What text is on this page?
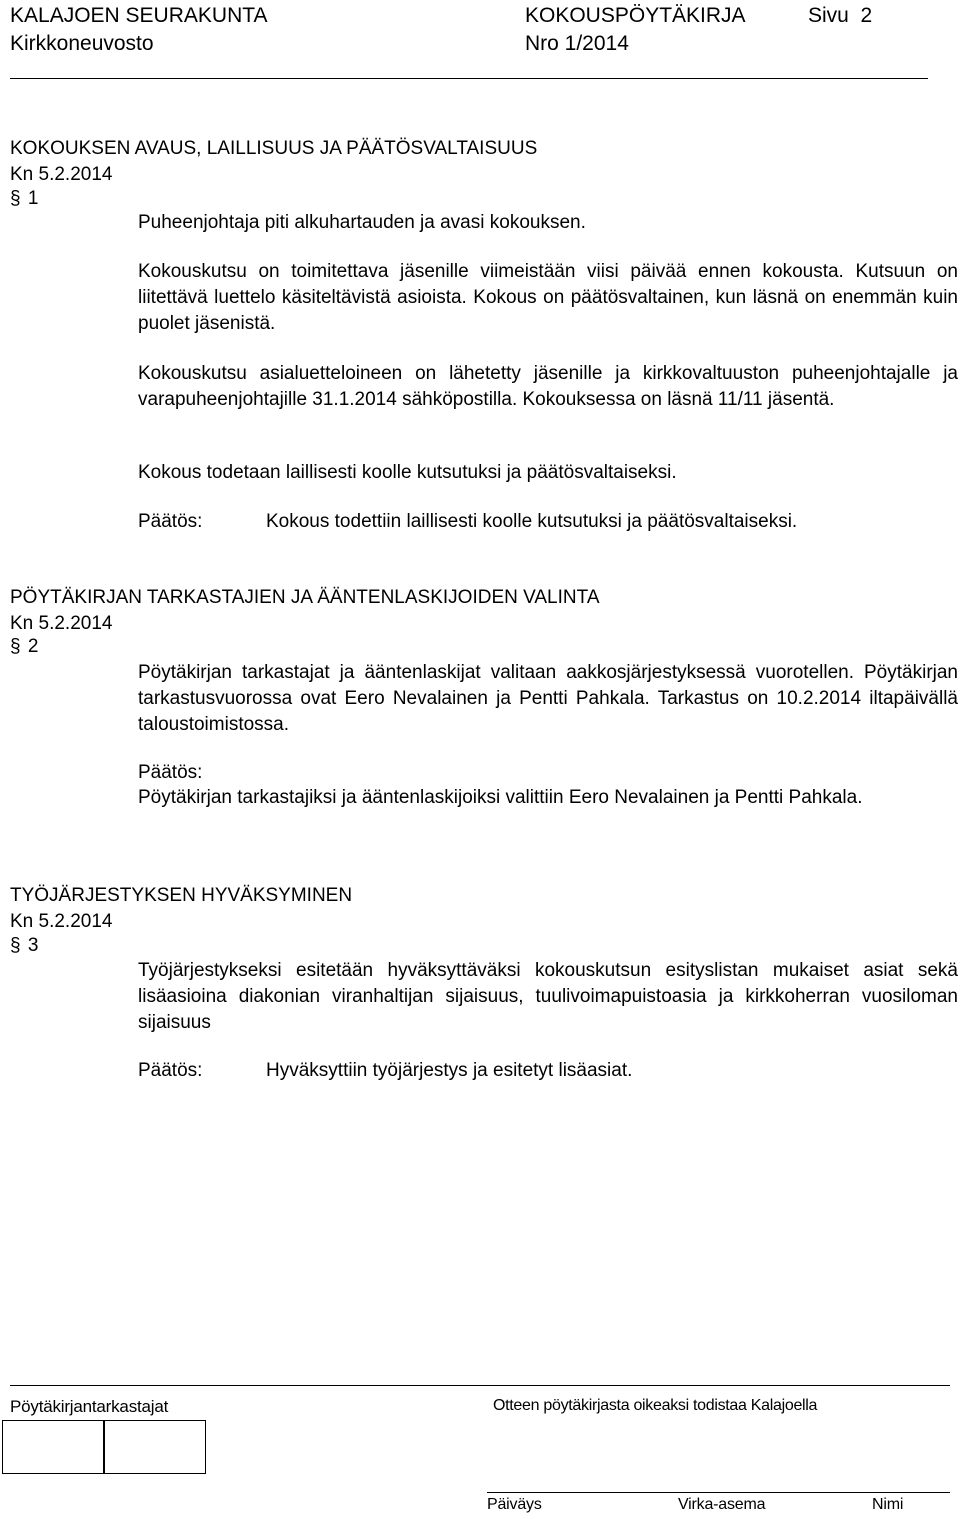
KALAJOEN SEURAKUNTA	KOKOUSPÖYTÄKIRJA	Sivu  2
Kirkkoneuvosto	Nro 1/2014
KOKOUKSEN AVAUS, LAILLISUUS JA PÄÄTÖSVALTAISUUS
Kn 5.2.2014
§ 1
Puheenjohtaja piti alkuhartauden ja avasi kokouksen.
Kokouskutsu on toimitettava jäsenille viimeistään viisi päivää ennen kokousta. Kutsuun on liitettävä luettelo käsiteltävistä asioista. Kokous on päätösvaltainen, kun läsnä on enemmän kuin puolet jäsenistä.
Kokouskutsu asialuetteloineen on lähetetty jäsenille ja kirkkovaltuuston puheenjohtajalle ja varapuheenjohtajille 31.1.2014 sähköpostilla. Kokouksessa on läsnä 11/11 jäsentä.
Kokous todetaan laillisesti koolle kutsutuksi ja päätösvaltaiseksi.
Päätös:	Kokous todettiin laillisesti koolle kutsutuksi ja päätösvaltaiseksi.
PÖYTÄKIRJAN TARKASTAJIEN JA ÄÄNTENLASKIJOIDEN VALINTA
Kn 5.2.2014
§ 2
Pöytäkirjan tarkastajat ja ääntenlaskijat valitaan aakkosjärjestyksessä vuorotellen. Pöytäkirjan tarkastusvuorossa ovat Eero Nevalainen ja Pentti Pahkala. Tarkastus on 10.2.2014 iltapäivällä taloustoimistossa.
Päätös:
Pöytäkirjan tarkastajiksi ja ääntenlaskijoiksi valittiin Eero Nevalainen ja Pentti Pahkala.
TYÖJÄRJESTYKSEN HYVÄKSYMINEN
Kn 5.2.2014
§ 3
Työjärjestykseksi esitetään hyväksyttäväksi kokouskutsun esityslistan mukaiset asiat sekä lisäasioina diakonian viranhaltijan sijaisuus, tuulivoimapuistoasia ja kirkkoherran vuosiloman sijaisuus
Päätös:	Hyväksyttiin työjärjestys ja esitetyt lisäasiat.
Pöytäkirjantarkastajat	Otteen pöytäkirjasta oikeaksi todistaa Kalajoella
Päiväys	Virka-asema	Nimi
